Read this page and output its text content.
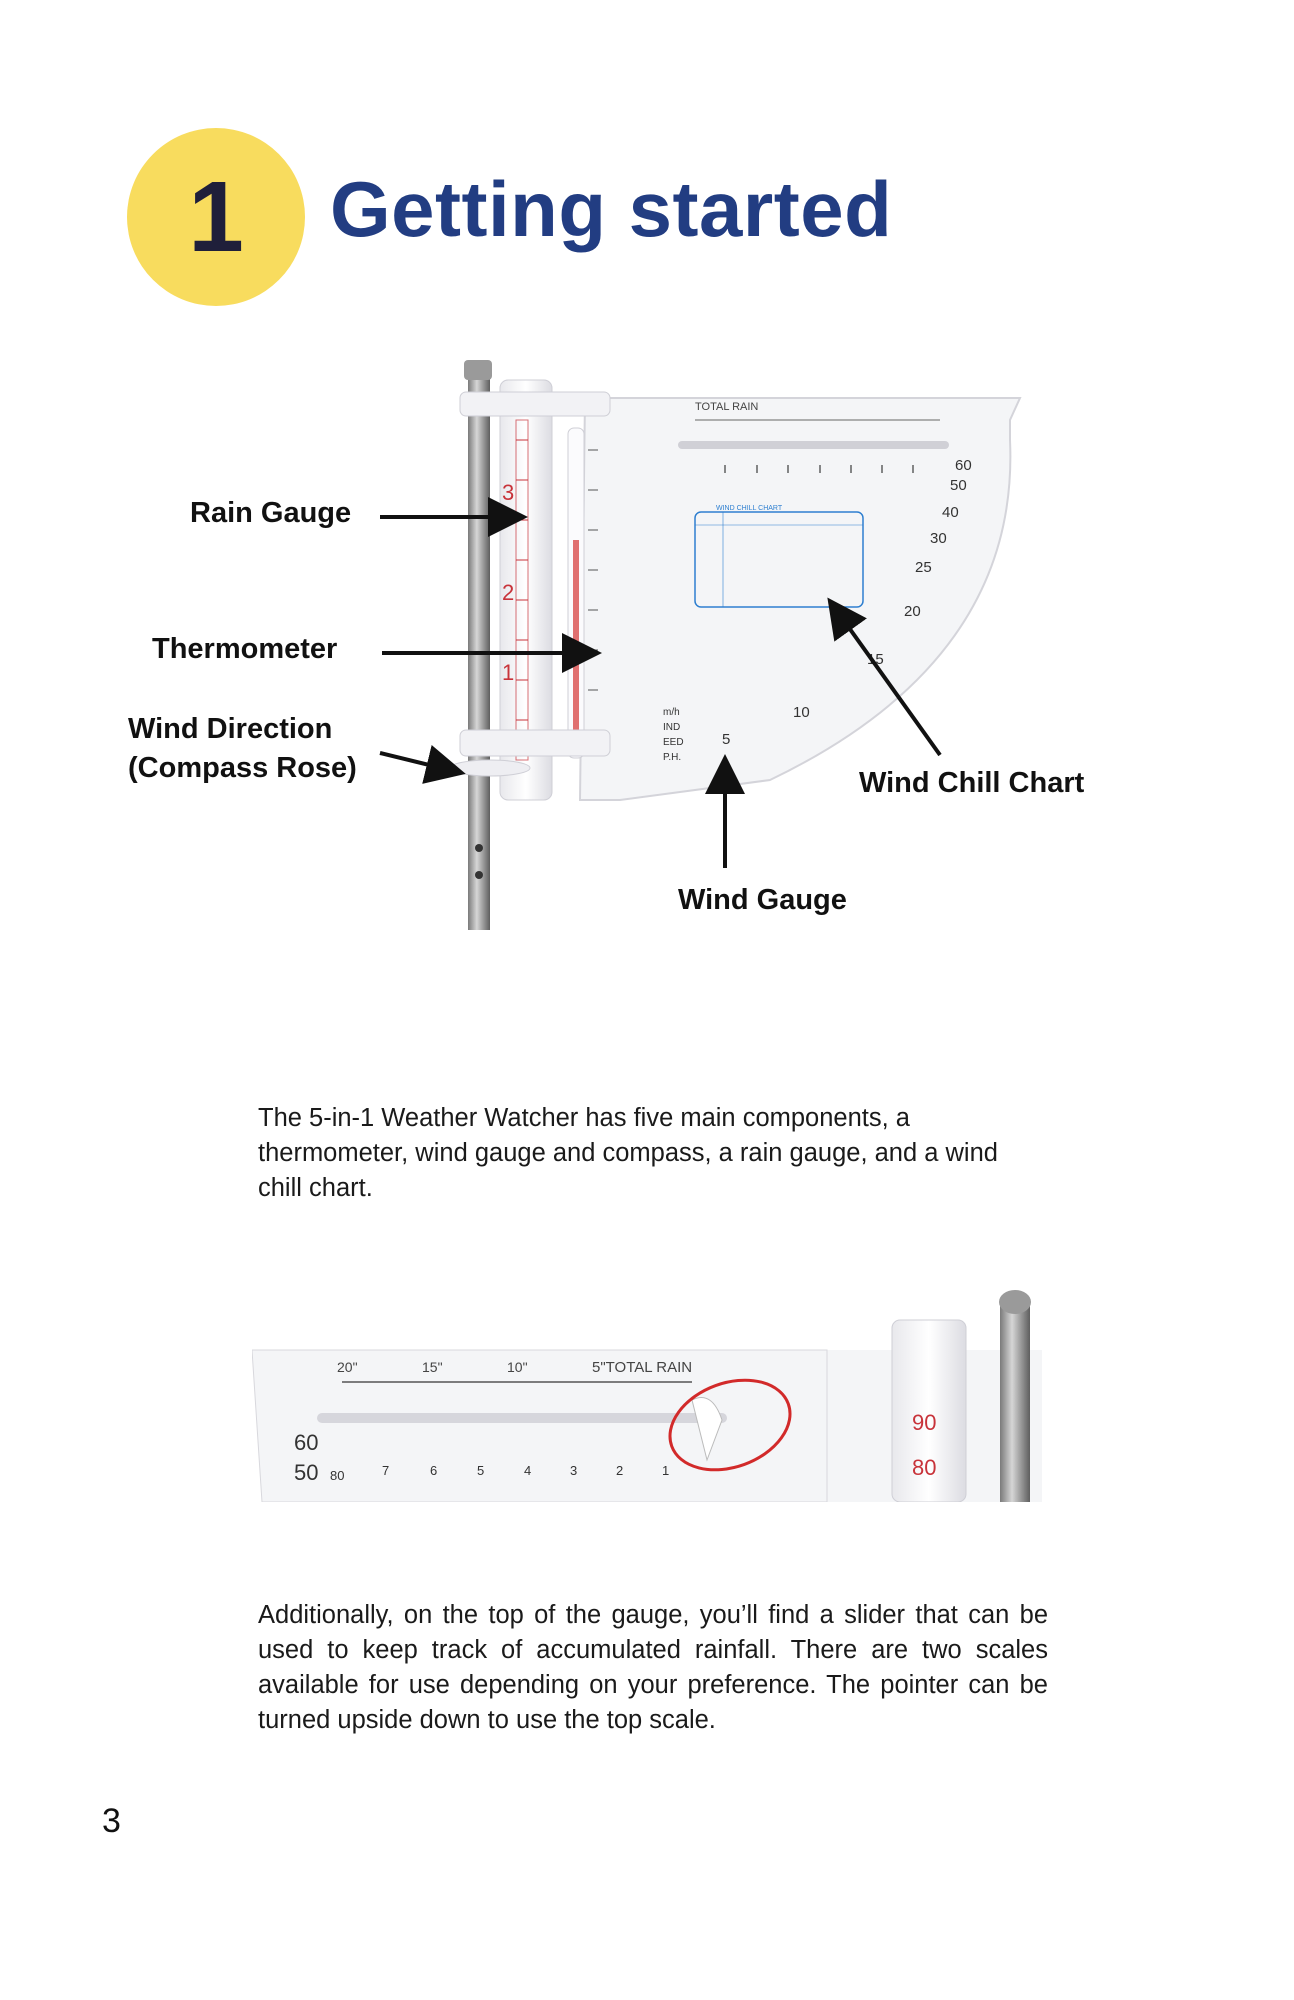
1 Getting started
TOTAL RAIN
3
2
1
WIND CHILL CHART
60
50
40
30
25
20
15
10
5
m/h
IND
EED
P.H.
Rain Gauge
Thermometer
Wind Direction
(Compass Rose)	Wind Chill Chart
Wind Gauge
The 5-in-1 Weather Watcher has five main components, a thermometer, wind gauge and compass, a rain gauge, and a wind chill chart.
20"	15"	10"	5"TOTAL RAIN
60
50 80	7	6	5	4	3	2	1
90
80
Additionally, on the top of the gauge, you’ll find a slider that can be used to keep track of accumulated rainfall. There are two scales available for use depending on your preference. The pointer can be turned upside down to use the top scale.
3
